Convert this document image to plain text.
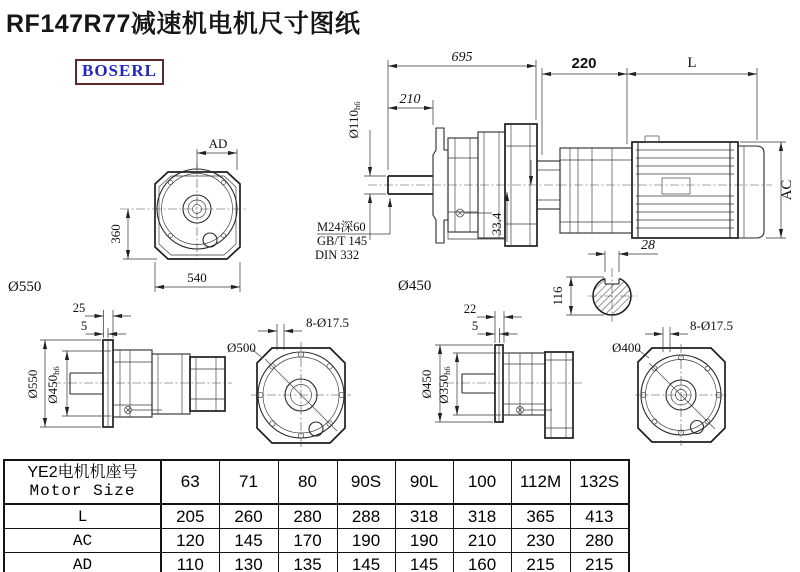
RF147R77减速机电机尺寸图纸
BOSERL
AD
360
540
Ø550
695
210
Ø110h6
M24深60
GB/T 145
DIN 332
33.4
Ø450
220	L
AC
28
116
25
5
Ø550 Ø450h6
8-Ø17.5
Ø500
22
5
Ø450 Ø350h6
8-Ø17.5
Ø400
YE2电机机座号
Motor Size	63	71	80	90S	90L	100	112M	132S
L	205	260	280	288	318	318	365	413
AC	120	145	170	190	190	210	230	280
AD	110	130	135	145	145	160	215	215
